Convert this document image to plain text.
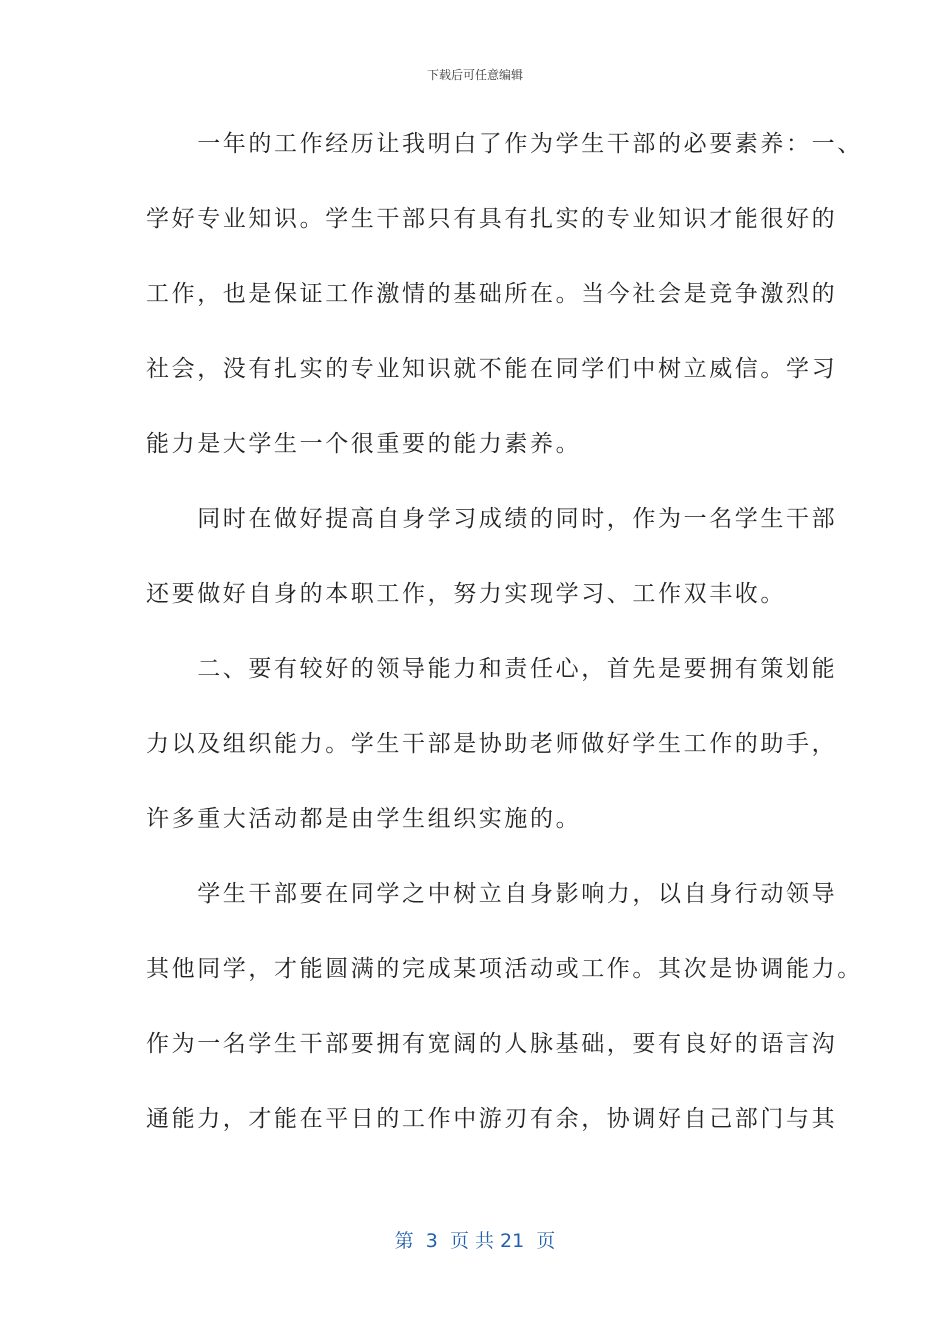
下载后可任意编辑
　　一年的工作经历让我明白了作为学生干部的必要素养：一、
学好专业知识。学生干部只有具有扎实的专业知识才能很好的
工作，也是保证工作激情的基础所在。当今社会是竞争激烈的
社会，没有扎实的专业知识就不能在同学们中树立威信。学习
能力是大学生一个很重要的能力素养。
　　同时在做好提高自身学习成绩的同时，作为一名学生干部
还要做好自身的本职工作，努力实现学习、工作双丰收。
　　二、要有较好的领导能力和责任心，首先是要拥有策划能
力以及组织能力。学生干部是协助老师做好学生工作的助手，
许多重大活动都是由学生组织实施的。
　　学生干部要在同学之中树立自身影响力，以自身行动领导
其他同学，才能圆满的完成某项活动或工作。其次是协调能力。
作为一名学生干部要拥有宽阔的人脉基础，要有良好的语言沟
通能力，才能在平日的工作中游刃有余，协调好自己部门与其
第  3  页 共 21  页
